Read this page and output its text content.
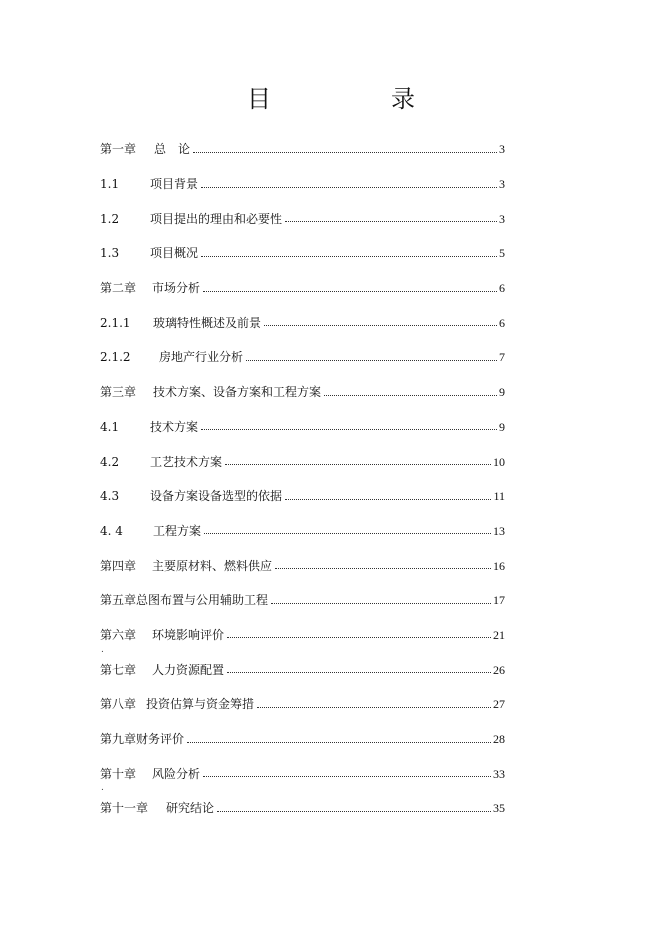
目　录
第一章	总　论	3
1.1	项目背景	3
1.2	项目提出的理由和必要性	3
1.3	项目概况	5
第二章	市场分析	6
2.1.1	玻璃特性概述及前景	6
2.1.2	房地产行业分析	7
第三章	技术方案、设备方案和工程方案	9
4.1	技术方案	9
4.2	工艺技术方案	10
4.3	设备方案设备选型的依据	11
4. 4	工程方案	13
第四章	主要原材料、燃料供应	16
第五章 总图布置与公用辅助工程	17
第六章	环境影响评价	21
.
第七章	人力资源配置	26
第八章 投资估算与资金筹措	27
第九章 财务评价	28
第十章	风险分析	33
.
第十一章	研究结论	35
